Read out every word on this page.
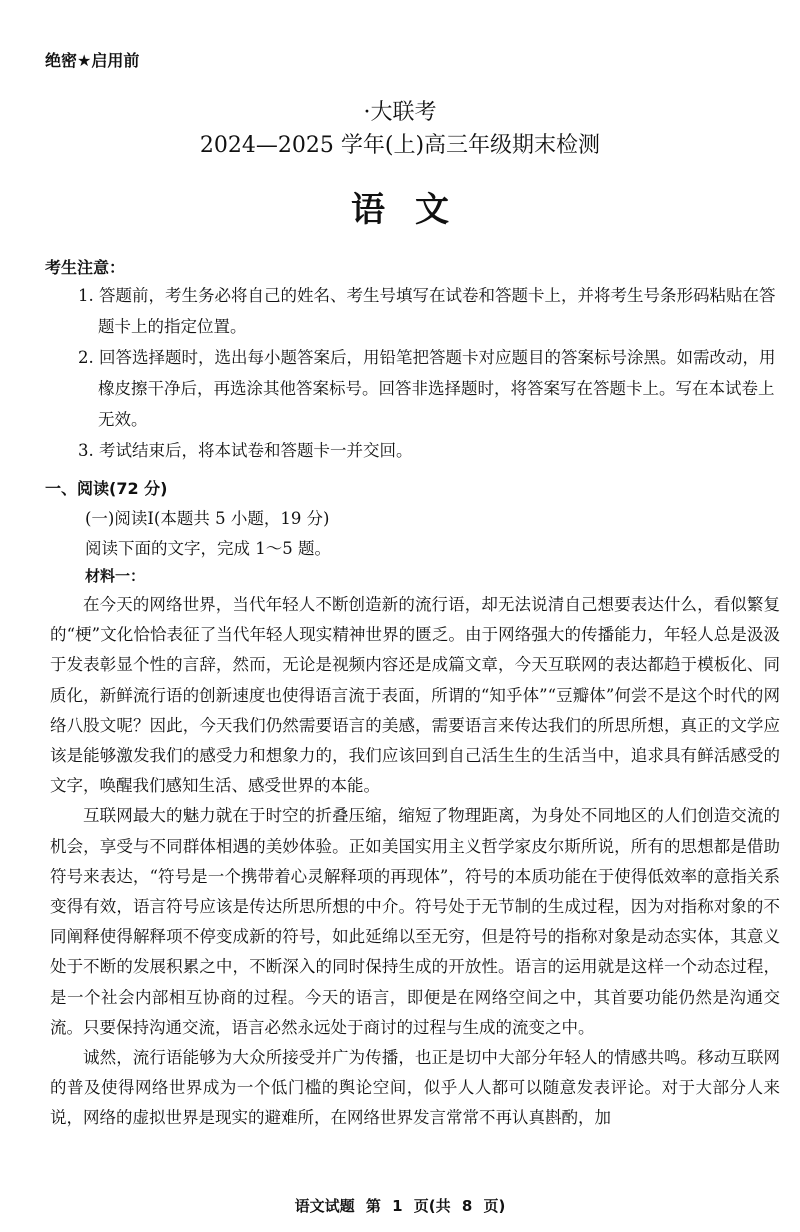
绝密★启用前
·大联考
2024—2025 学年(上)高三年级期末检测
语文
考生注意：
1. 答题前，考生务必将自己的姓名、考生号填写在试卷和答题卡上，并将考生号条形码粘贴在答题卡上的指定位置。
2. 回答选择题时，选出每小题答案后，用铅笔把答题卡对应题目的答案标号涂黑。如需改动，用橡皮擦干净后，再选涂其他答案标号。回答非选择题时，将答案写在答题卡上。写在本试卷上无效。
3. 考试结束后，将本试卷和答题卡一并交回。
一、阅读(72 分)
(一)阅读Ⅰ(本题共 5 小题，19 分)
阅读下面的文字，完成 1～5 题。
材料一：

在今天的网络世界，当代年轻人不断创造新的流行语，却无法说清自己想要表达什么，看似繁复的“梗”文化恰恰表征了当代年轻人现实精神世界的匮乏。由于网络强大的传播能力，年轻人总是汲汲于发表彰显个性的言辞，然而，无论是视频内容还是成篇文章，今天互联网的表达都趋于模板化、同质化，新鲜流行语的创新速度也使得语言流于表面，所谓的“知乎体”“豆瓣体”何尝不是这个时代的网络八股文呢？因此，今天我们仍然需要语言的美感，需要语言来传达我们的所思所想，真正的文学应该是能够激发我们的感受力和想象力的，我们应该回到自己活生生的生活当中，追求具有鲜活感受的文字，唤醒我们感知生活、感受世界的本能。

互联网最大的魅力就在于时空的折叠压缩，缩短了物理距离，为身处不同地区的人们创造交流的机会，享受与不同群体相遇的美妙体验。正如美国实用主义哲学家皮尔斯所说，所有的思想都是借助符号来表达，“符号是一个携带着心灵解释项的再现体”，符号的本质功能在于使得低效率的意指关系变得有效，语言符号应该是传达所思所想的中介。符号处于无节制的生成过程，因为对指称对象的不同阐释使得解释项不停变成新的符号，如此延绵以至无穷，但是符号的指称对象是动态实体，其意义处于不断的发展积累之中，不断深入的同时保持生成的开放性。语言的运用就是这样一个动态过程，是一个社会内部相互协商的过程。今天的语言，即便是在网络空间之中，其首要功能仍然是沟通交流。只要保持沟通交流，语言必然永远处于商讨的过程与生成的流变之中。

诚然，流行语能够为大众所接受并广为传播，也正是切中大部分年轻人的情感共鸣。移动互联网的普及使得网络世界成为一个低门槛的舆论空间，似乎人人都可以随意发表评论。对于大部分人来说，网络的虚拟世界是现实的避难所，在网络世界发言常常不再认真斟酌，加

语文试题 第 1 页(共 8 页)
